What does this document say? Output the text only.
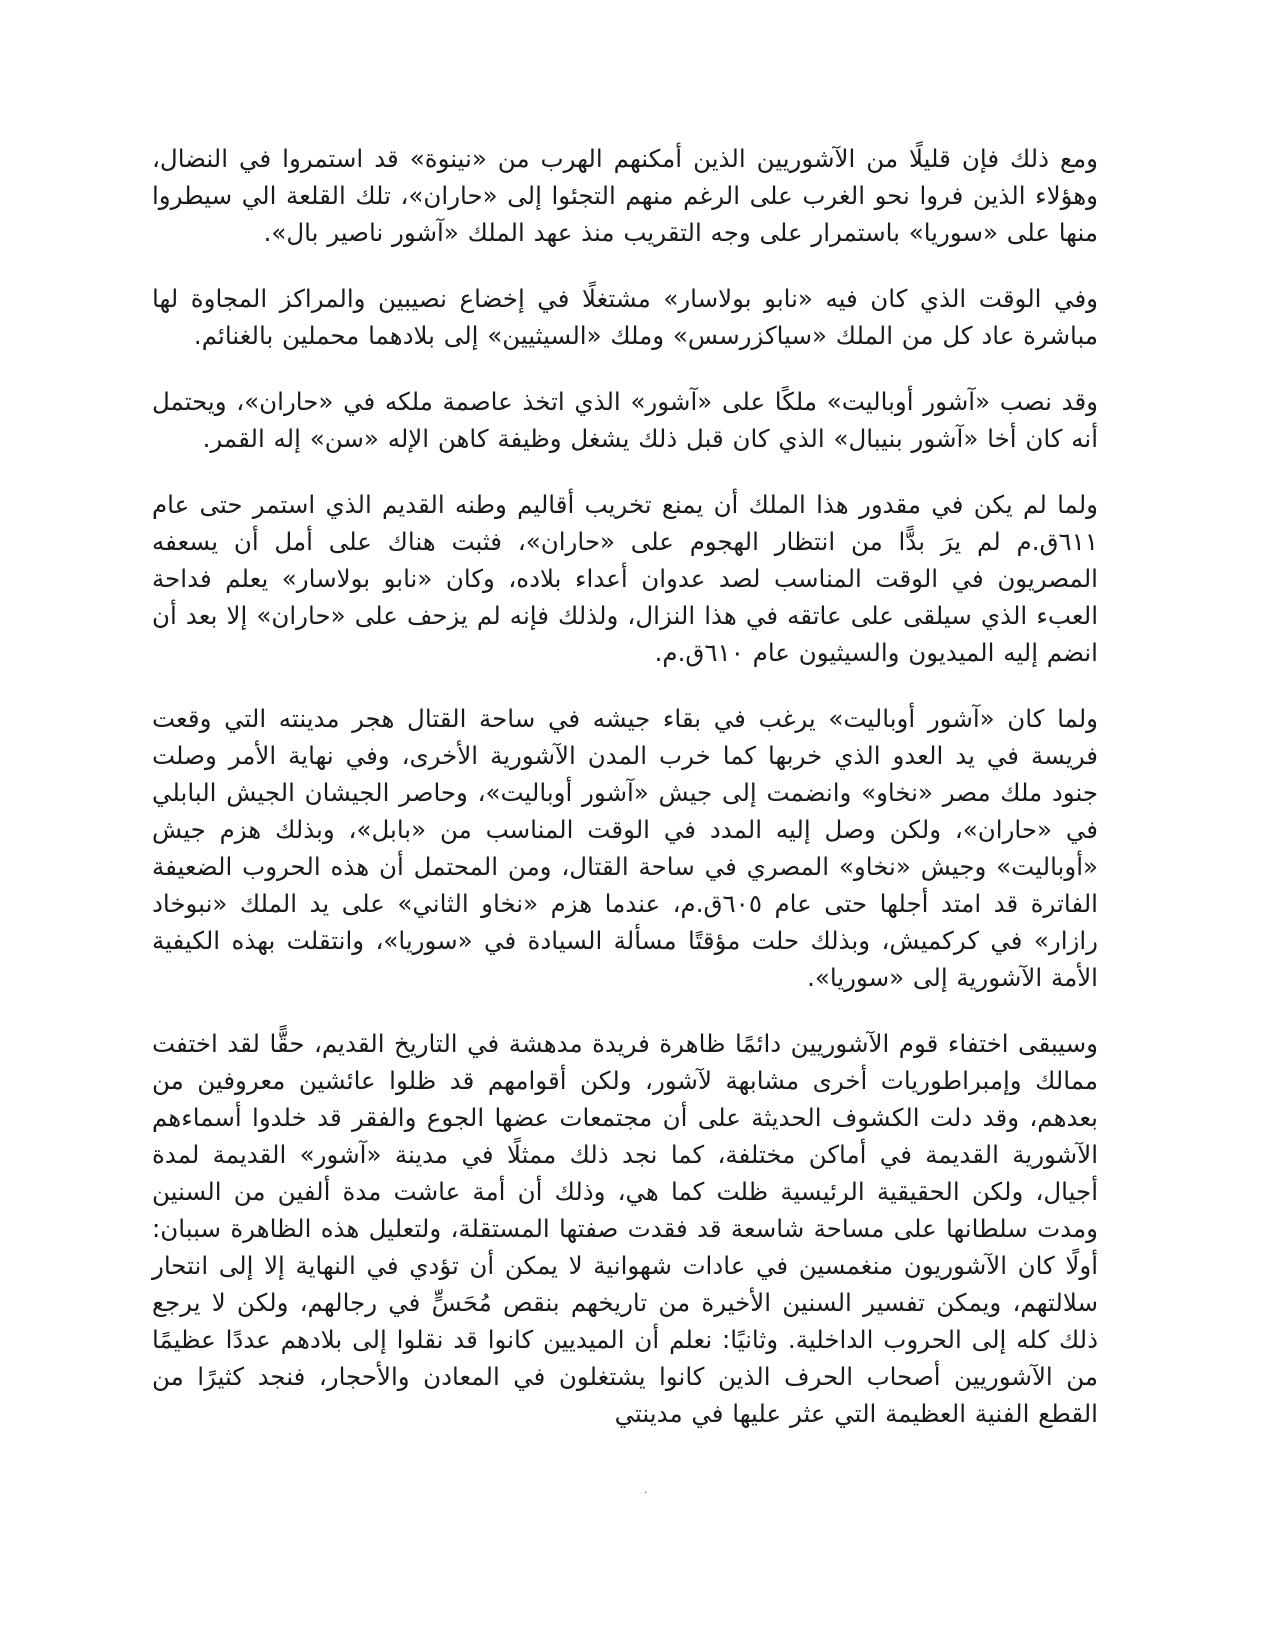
ومع ذلك فإن قليلًا من الآشوريين الذين أمكنهم الهرب من «نينوة» قد استمروا في النضال، وهؤلاء الذين فروا نحو الغرب على الرغم منهم التجئوا إلى «حاران»، تلك القلعة الي سيطروا منها على «سوريا» باستمرار على وجه التقريب منذ عهد الملك «آشور ناصير بال».

وفي الوقت الذي كان فيه «نابو بولاسار» مشتغلًا في إخضاع نصيبين والمراكز المجاوة لها مباشرة عاد كل من الملك «سياكزرسس» وملك «السيثيين» إلى بلادهما محملين بالغنائم.

وقد نصب «آشور أوباليت» ملكًا على «آشور» الذي اتخذ عاصمة ملكه في «حاران»، ويحتمل أنه كان أخا «آشور بنيبال» الذي كان قبل ذلك يشغل وظيفة كاهن الإله «سن» إله القمر.

ولما لم يكن في مقدور هذا الملك أن يمنع تخريب أقاليم وطنه القديم الذي استمر حتى عام ٦١١ق.م لم يرَ بدًّا من انتظار الهجوم على «حاران»، فثبت هناك على أمل أن يسعفه المصريون في الوقت المناسب لصد عدوان أعداء بلاده، وكان «نابو بولاسار» يعلم فداحة العبء الذي سيلقى على عاتقه في هذا النزال، ولذلك فإنه لم يزحف على «حاران» إلا بعد أن انضم إليه الميديون والسيثيون عام ٦١٠ق.م.

ولما كان «آشور أوباليت» يرغب في بقاء جيشه في ساحة القتال هجر مدينته التي وقعت فريسة في يد العدو الذي خربها كما خرب المدن الآشورية الأخرى، وفي نهاية الأمر وصلت جنود ملك مصر «نخاو» وانضمت إلى جيش «آشور أوباليت»، وحاصر الجيشان الجيش البابلي في «حاران»، ولكن وصل إليه المدد في الوقت المناسب من «بابل»، وبذلك هزم جيش «أوباليت» وجيش «نخاو» المصري في ساحة القتال، ومن المحتمل أن هذه الحروب الضعيفة الفاترة قد امتد أجلها حتى عام ٦٠٥ق.م، عندما هزم «نخاو الثاني» على يد الملك «نبوخاد رازار» في كركميش، وبذلك حلت مؤقتًا مسألة السيادة في «سوريا»، وانتقلت بهذه الكيفية الأمة الآشورية إلى «سوريا».

وسيبقى اختفاء قوم الآشوريين دائمًا ظاهرة فريدة مدهشة في التاريخ القديم، حقًّا لقد اختفت ممالك وإمبراطوريات أخرى مشابهة لآشور، ولكن أقوامهم قد ظلوا عائشين معروفين من بعدهم، وقد دلت الكشوف الحديثة على أن مجتمعات عضها الجوع والفقر قد خلدوا أسماءهم الآشورية القديمة في أماكن مختلفة، كما نجد ذلك ممثلًا في مدينة «آشور» القديمة لمدة أجيال، ولكن الحقيقية الرئيسية ظلت كما هي، وذلك أن أمة عاشت مدة ألفين من السنين ومدت سلطانها على مساحة شاسعة قد فقدت صفتها المستقلة، ولتعليل هذه الظاهرة سببان: أولًا كان الآشوريون منغمسين في عادات شهوانية لا يمكن أن تؤدي في النهاية إلا إلى انتحار سلالتهم، ويمكن تفسير السنين الأخيرة من تاريخهم بنقص مُحَسٍّ في رجالهم، ولكن لا يرجع ذلك كله إلى الحروب الداخلية. وثانيًا: نعلم أن الميديين كانوا قد نقلوا إلى بلادهم عددًا عظيمًا من الآشوريين أصحاب الحرف الذين كانوا يشتغلون في المعادن والأحجار، فنجد كثيرًا من القطع الفنية العظيمة التي عثر عليها في مدينتي

٠
